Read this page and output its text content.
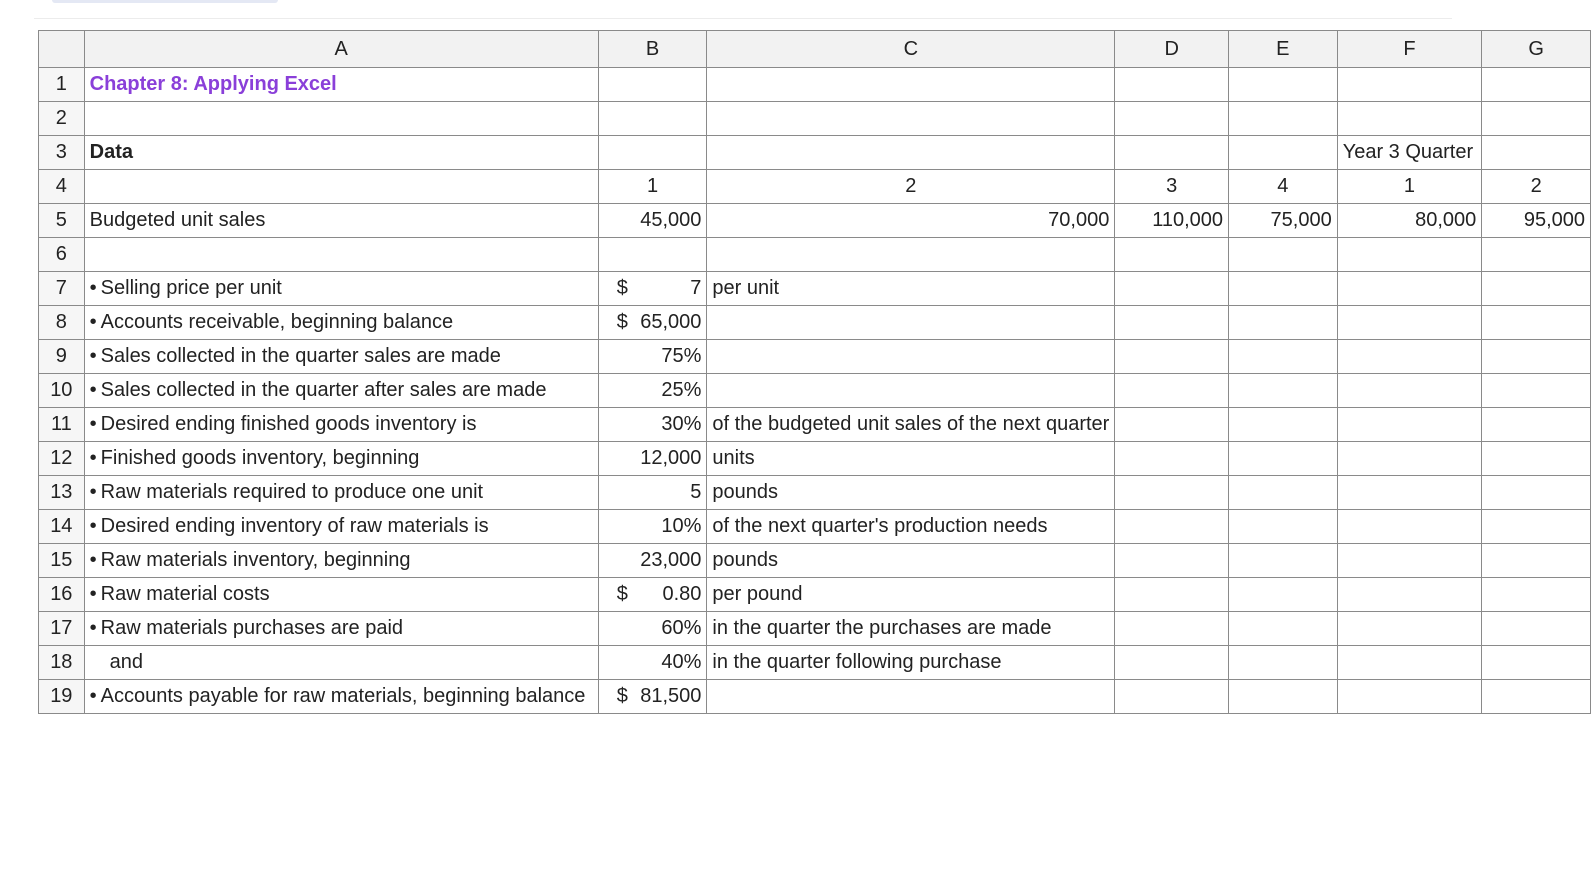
	A	B	C	D	E	F	G
1	Chapter 8: Applying Excel						
2							
3	Data					Year 3 Quarter	
4		1	2	3	4	1	2
5	Budgeted unit sales	45,000	70,000	110,000	75,000	80,000	95,000
6							
7	• Selling price per unit	$ 7	per unit				
8	• Accounts receivable, beginning balance	$ 65,000					
9	• Sales collected in the quarter sales are made	75%					
10	• Sales collected in the quarter after sales are made	25%					
11	• Desired ending finished goods inventory is	30%	of the budgeted unit sales of the next quarter				
12	• Finished goods inventory, beginning	12,000	units				
13	• Raw materials required to produce one unit	5	pounds				
14	• Desired ending inventory of raw materials is	10%	of the next quarter's production needs				
15	• Raw materials inventory, beginning	23,000	pounds				
16	• Raw material costs	$ 0.80	per pound				
17	• Raw materials purchases are paid	60%	in the quarter the purchases are made				
18	and	40%	in the quarter following purchase				
19	• Accounts payable for raw materials, beginning balance	$ 81,500					
